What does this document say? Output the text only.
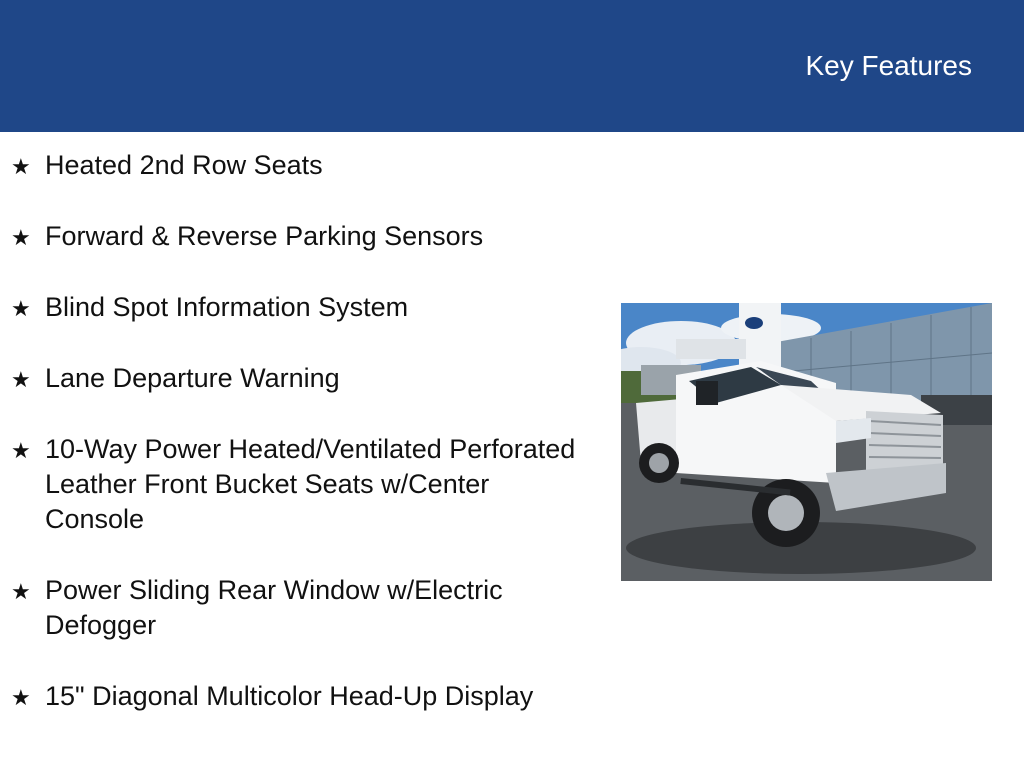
Key Features
★ Heated 2nd Row Seats
★ Forward & Reverse Parking Sensors
★ Blind Spot Information System
★ Lane Departure Warning
★ 10-Way Power Heated/Ventilated Perforated Leather Front Bucket Seats w/Center Console
★ Power Sliding Rear Window w/Electric Defogger
★ 15" Diagonal Multicolor Head-Up Display
